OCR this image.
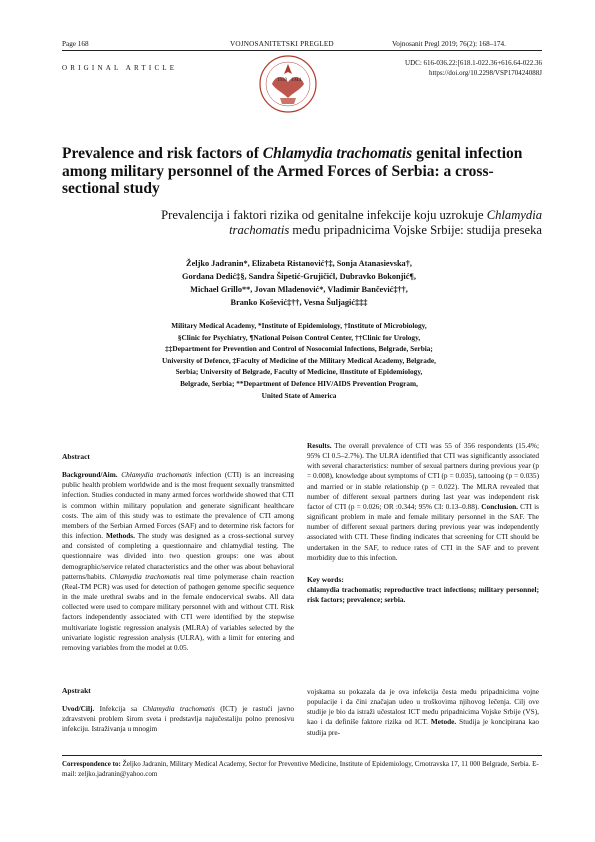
Page 168	VOJNOSANITETSKI PREGLED	Vojnosanit Pregl 2019; 76(2): 168–174.
ORIGINAL ARTICLE
1930 1944
UDC: 616-036.22:[618.1-022.36+616.64-022.36
https://doi.org/10.2298/VSP170424088J
Prevalence and risk factors of Chlamydia trachomatis genital infection among military personnel of the Armed Forces of Serbia: a cross-sectional study
Prevalencija i faktori rizika od genitalne infekcije koju uzrokuje Chlamydia trachomatis među pripadnicima Vojske Srbije: studija preseka
Željko Jadranin*, Elizabeta Ristanović†‡, Sonja Atanasievska†,
Gordana Dedić‡§, Sandra Šipetić-Grujičić‖, Dubravko Bokonjić¶,
Michael Grillo**, Jovan Mladenović*, Vladimir Bančević‡††,
Branko Košević‡††, Vesna Šuljagić‡‡‡
Military Medical Academy, *Institute of Epidemiology, †Institute of Microbiology,
§Clinic for Psychiatry, ¶National Poison Control Center, ††Clinic for Urology,
‡‡Department for Prevention and Control of Nosocomial Infections, Belgrade, Serbia;
University of Defence, ‡Faculty of Medicine of the Military Medical Academy, Belgrade,
Serbia; University of Belgrade, Faculty of Medicine, ‖Institute of Epidemiology,
Belgrade, Serbia; **Department of Defence HIV/AIDS Prevention Program,
United State of America
Abstract

Background/Aim. Chlamydia trachomatis infection (CTI) is an increasing public health problem worldwide and is the most frequent sexually transmitted infection. Studies conducted in many armed forces worldwide showed that CTI is common within military population and generate significant healthcare costs. The aim of this study was to estimate the prevalence of CTI among members of the Serbian Armed Forces (SAF) and to determine risk factors for this infection. Methods. The study was designed as a cross-sectional survey and consisted of completing a questionnaire and chlamydial testing. The questionnaire was divided into two question groups: one was about demographic/service related characteristics and the other was about behavioral patterns/habits. Chlamydia trachomatis real time polymerase chain reaction (Real-TM PCR) was used for detection of pathogen genome specific sequence in the male urethral swabs and in the female endocervical swabs. All data collected were used to compare military personnel with and without CTI. Risk factors independently associated with CTI were identified by the stepwise multivariate logistic regression analysis (MLRA) of variables selected by the univariate logistic regression analysis (ULRA), with a limit for entering and removing variables from the model at 0.05.

Results. The overall prevalence of CTI was 55 of 356 respondents (15.4%; 95% CI 0.5–2.7%). The ULRA identified that CTI was significantly associated with several characteristics: number of sexual partners during previous year (p = 0.008), knowledge about symptoms of CTI (p = 0.035), tattooing (p = 0.035) and married or in stable relationship (p = 0.022). The MLRA revealed that number of different sexual partners during last year was independent risk factor of CTI (p = 0.026; OR :0.344; 95% CI: 0.13–0.88). Conclusion. CTI is significant problem in male and female military personnel in the SAF. The number of different sexual partners during previous year was independently associated with CTI. These finding indicates that screening for CTI should be undertaken in the SAF, to reduce rates of CTI in the SAF and to prevent morbidity due to this infection.

Key words:
chlamydia trachomatis; reproductive tract infections; military personnel; risk factors; prevalence; serbia.
Apstrakt

Uvod/Cilj. Infekcija sa Chlamydia trachomatis (ICT) je rastući javno zdravstveni problem širom sveta i predstavlja najučestaliju polno prenosivu infekciju. Istraživanja u mnogim

vojskama su pokazala da je ova infekcija česta među pripadnicima vojne populacije i da čini značajan udeo u troškovima njihovog lečenja. Cilj ove studije je bio da istraži učestalost ICT među pripadnicima Vojske Srbije (VS), kao i da definiše faktore rizika od ICT. Metode. Studija je koncipirana kao studija pre-

Correspondence to: Željko Jadranin, Military Medical Academy, Sector for Preventive Medicine, Institute of Epidemiology, Crnotravska 17, 11 000 Belgrade, Serbia. E-mail: zeljko.jadranin@yahoo.com
